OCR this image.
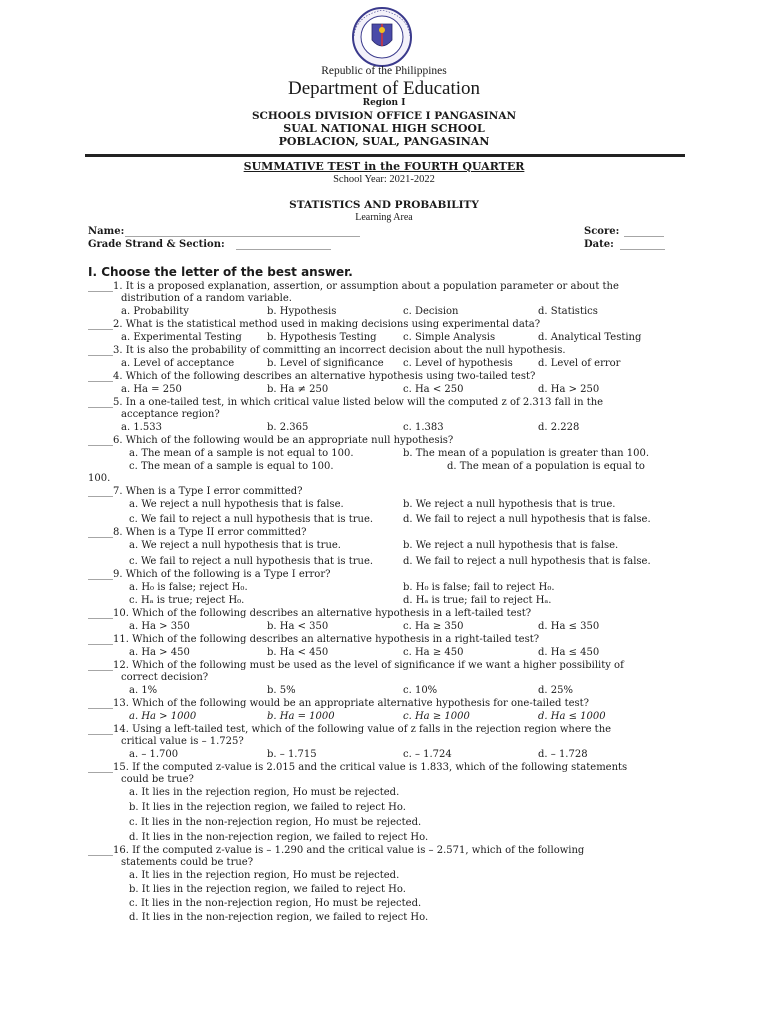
Republic of the Philippines
Department of Education
Region I
SCHOOLS DIVISION OFFICE I PANGASINAN
SUAL NATIONAL HIGH SCHOOL
POBLACION, SUAL, PANGASINAN
SUMMATIVE TEST in the FOURTH QUARTER
School Year: 2021-2022
STATISTICS AND PROBABILITY
Learning Area
Name: _______________________________________________	Score: ________
Grade Strand & Section: ___________________	Date: _________
I. Choose the letter of the best answer.
_____1. It is a proposed explanation, assertion, or assumption about a population parameter or about the
distribution of a random variable.
a. Probability	b. Hypothesis	c. Decision	d. Statistics
_____2. What is the statistical method used in making decisions using experimental data?
a. Experimental Testing	b. Hypothesis Testing	c. Simple Analysis	d. Analytical Testing
_____3. It is also the probability of committing an incorrect decision about the null hypothesis.
a. Level of acceptance	b. Level of significance c. Level of hypothesis	d. Level of error
_____4. Which of the following describes an alternative hypothesis using two-tailed test?
a. Ha = 250	b. Ha ≠ 250	c. Ha < 250	d. Ha > 250
_____5. In a one-tailed test, in which critical value listed below will the computed z of 2.313 fall in the
acceptance region?
a. 1.533	b. 2.365	c. 1.383	d. 2.228
_____6. Which of the following would be an appropriate null hypothesis?
a. The mean of a sample is not equal to 100.	b. The mean of a population is greater than 100.
c. The mean of a sample is equal to 100.	d. The mean of a population is equal to
100.
_____7. When is a Type I error committed?
a. We reject a null hypothesis that is false.	b. We reject a null hypothesis that is true.
c. We fail to reject a null hypothesis that is true.	d. We fail to reject a null hypothesis that is false.
_____8. When is a Type II error committed?
a. We reject a null hypothesis that is true.	b. We reject a null hypothesis that is false.
c. We fail to reject a null hypothesis that is true.	d. We fail to reject a null hypothesis that is false.
_____9. Which of the following is a Type I error?
a. H₀ is false; reject H₀.	b. H₀ is false; fail to reject H₀.
c. Hₐ is true; reject H₀.	d. Hₐ is true; fail to reject Hₐ.
_____10. Which of the following describes an alternative hypothesis in a left-tailed test?
a. Ha > 350	b. Ha < 350	c. Ha ≥ 350	d. Ha ≤ 350
_____11. Which of the following describes an alternative hypothesis in a right-tailed test?
a. Ha > 450	b. Ha < 450	c. Ha ≥ 450	d. Ha ≤ 450
_____12. Which of the following must be used as the level of significance if we want a higher possibility of
correct decision?
a. 1%	b. 5%	c. 10%	d. 25%
_____13. Which of the following would be an appropriate alternative hypothesis for one-tailed test?
a. Ha > 1000	b. Ha = 1000	c. Ha ≥ 1000	d. Ha ≤ 1000
_____14. Using a left-tailed test, which of the following value of z falls in the rejection region where the
critical value is – 1.725?
a. – 1.700	b. – 1.715	c. – 1.724	d. – 1.728
_____15. If the computed z-value is 2.015 and the critical value is 1.833, which of the following statements
could be true?
a. It lies in the rejection region, Ho must be rejected.
b. It lies in the rejection region, we failed to reject Ho.
c. It lies in the non-rejection region, Ho must be rejected.
d. It lies in the non-rejection region, we failed to reject Ho.
_____16. If the computed z-value is – 1.290 and the critical value is – 2.571, which of the following
statements could be true?
a. It lies in the rejection region, Ho must be rejected.
b. It lies in the rejection region, we failed to reject Ho.
c. It lies in the non-rejection region, Ho must be rejected.
d. It lies in the non-rejection region, we failed to reject Ho.
